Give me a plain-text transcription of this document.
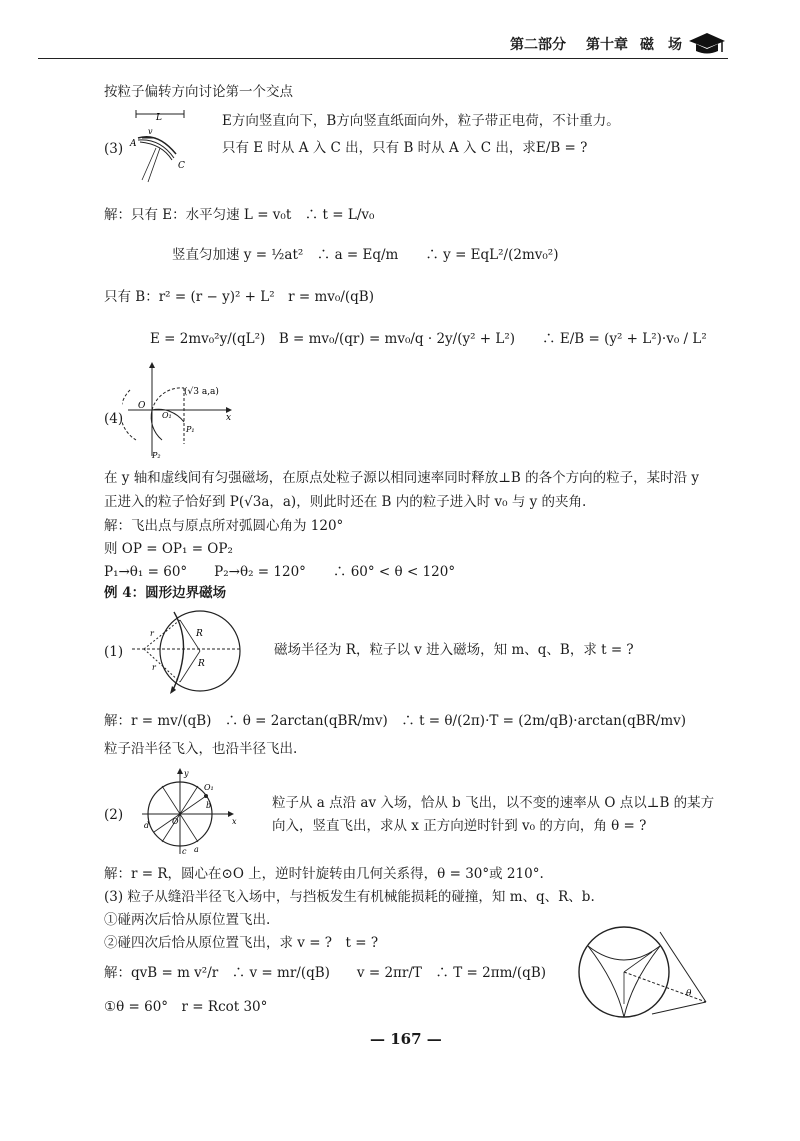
第二部分 第十章 磁　场
按粒子偏转方向讨论第一个交点
(3)
L
v
A
C
E方向竖直向下，B方向竖直纸面向外，粒子带正电荷，不计重力。
只有 E 时从 A 入 C 出，只有 B 时从 A 入 C 出，求E/B = ?
解：只有 E：水平匀速 L = v₀t　∴ t = L/v₀
竖直匀加速 y = ½at²　∴ a = Eq/m　　∴ y = EqL²/(2mv₀²)
只有 B：r² = (r − y)² + L²　r = mv₀/(qB)
E = 2mv₀²y/(qL²)　B = mv₀/(qr) = mv₀/q · 2y/(y² + L²)　　∴ E/B = (y² + L²)·v₀ / L²
(4)	x
O
O₁
(√3 a,a)
P₁
P₂
在 y 轴和虚线间有匀强磁场，在原点处粒子源以相同速率同时释放⊥B 的各个方向的粒子，某时沿 y
正进入的粒子恰好到 P(√3a，a)，则此时还在 B 内的粒子进入时 v₀ 与 y 的夹角.
解：飞出点与原点所对弧圆心角为 120°
则 OP = OP₁ = OP₂
P₁→θ₁ = 60°　　P₂→θ₂ = 120°　　∴ 60° < θ < 120°
例 4：圆形边界磁场
(1)
R
R
r
r
磁场半径为 R，粒子以 v 进入磁场，知 m、q、B，求 t = ?
解：r = mv/(qB)　∴ θ = 2arctan(qBR/mv)　∴ t = θ/(2π)·T = (2m/qB)·arctan(qBR/mv)
粒子沿半径飞入，也沿半径飞出.
(2)
y
x
O
O₁
b
a
c
d
粒子从 a 点沿 av 入场，恰从 b 飞出，以不变的速率从 O 点以⊥B 的某方
向入，竖直飞出，求从 x 正方向逆时针到 v₀ 的方向，角 θ = ?
解：r = R，圆心在⊙O 上，逆时针旋转由几何关系得，θ = 30°或 210°.
(3) 粒子从缝沿半径飞入场中，与挡板发生有机械能损耗的碰撞，知 m、q、R、b.
①碰两次后恰从原位置飞出.
②碰四次后恰从原位置飞出，求 v = ?　t = ?
解：qvB = m v²/r　∴ v = mr/(qB)　　v = 2πr/T　∴ T = 2πm/(qB)
①θ = 60°　r = Rcot 30°
θ
— 167 —
